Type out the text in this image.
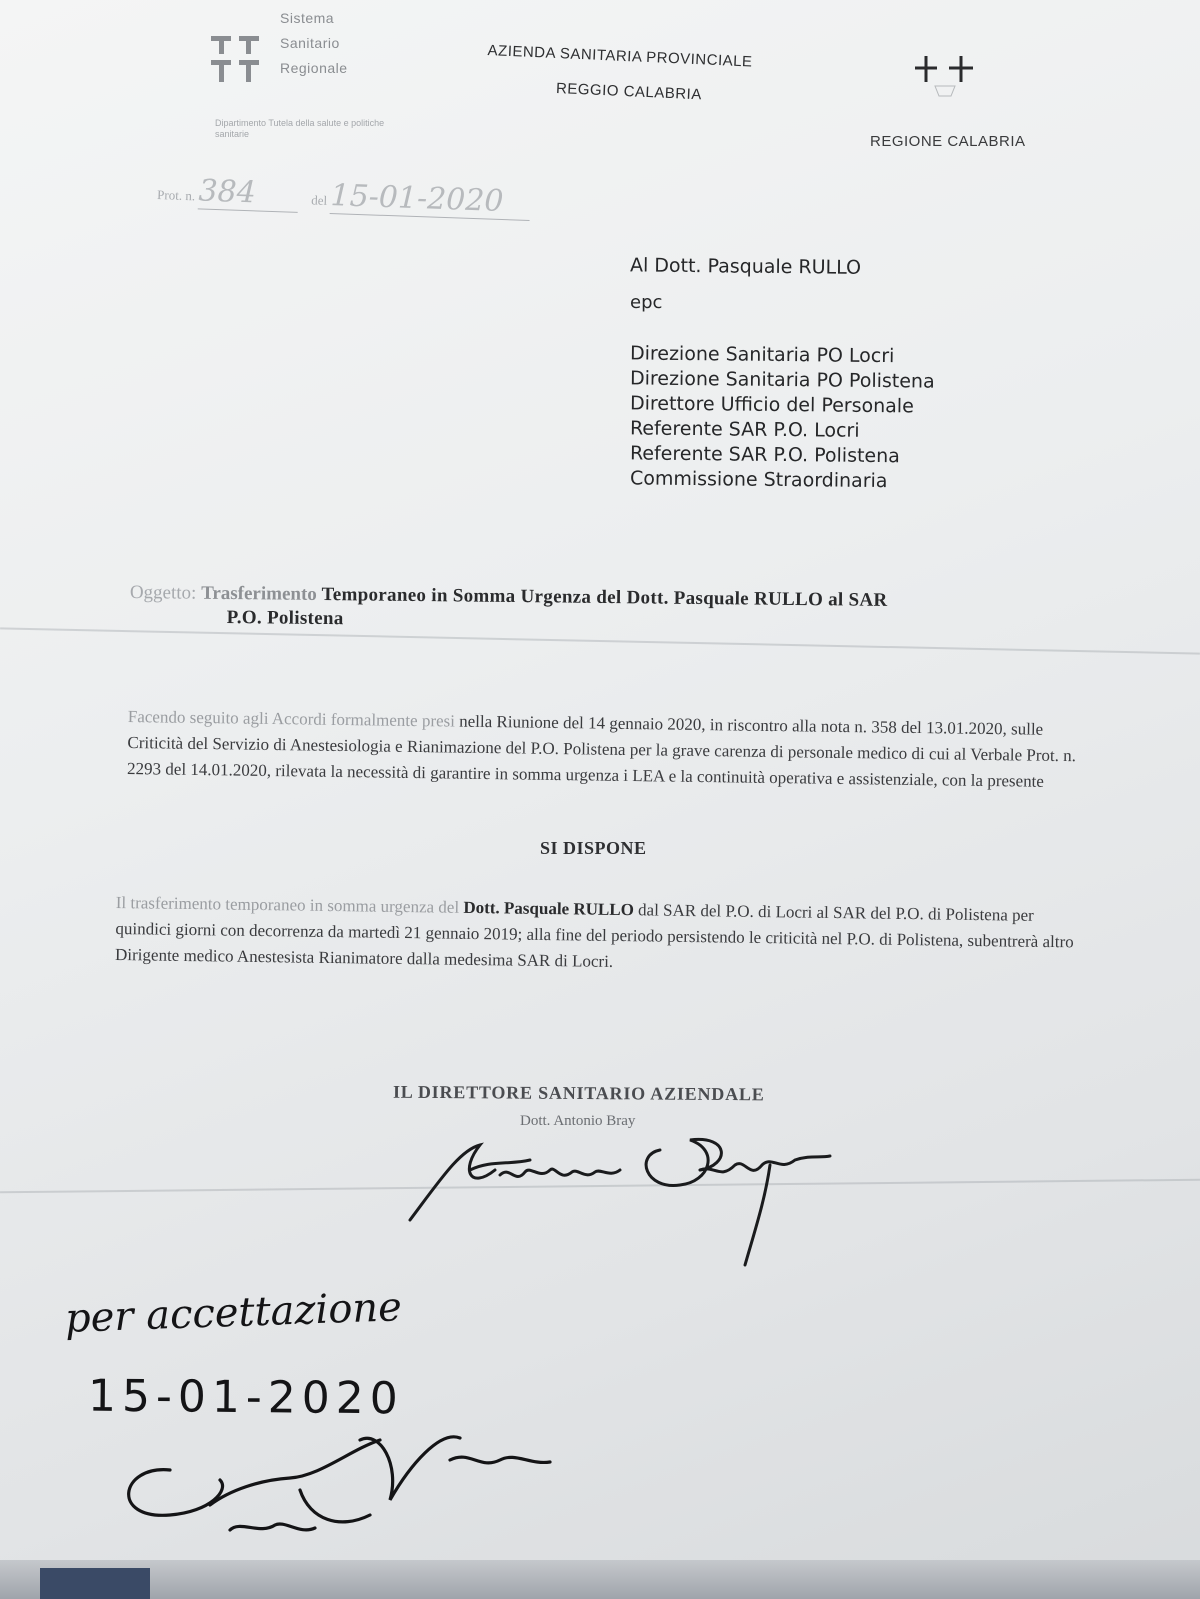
Sistema
Sanitario
Regionale
Dipartimento Tutela della salute e politiche sanitarie
AZIENDA SANITARIA PROVINCIALE
REGGIO CALABRIA
REGIONE CALABRIA
Prot. n. 384	del 15-01-2020
Al Dott. Pasquale RULLO
epc
Direzione Sanitaria PO Locri
Direzione Sanitaria PO Polistena
Direttore Ufficio del Personale
Referente SAR P.O. Locri
Referente SAR P.O. Polistena
Commissione Straordinaria
Oggetto: Trasferimento Temporaneo in Somma Urgenza del Dott. Pasquale RULLO al SAR
P.O. Polistena
Facendo seguito agli Accordi formalmente presi nella Riunione del 14 gennaio 2020, in riscontro alla nota n. 358 del 13.01.2020, sulle Criticità del Servizio di Anestesiologia e Rianimazione del P.O. Polistena per la grave carenza di personale medico di cui al Verbale Prot. n. 2293 del 14.01.2020, rilevata la necessità di garantire in somma urgenza i LEA e la continuità operativa e assistenziale, con la presente
SI DISPONE
Il trasferimento temporaneo in somma urgenza del Dott. Pasquale RULLO dal SAR del P.O. di Locri al SAR del P.O. di Polistena per quindici giorni con decorrenza da martedì 21 gennaio 2019; alla fine del periodo persistendo le criticità nel P.O. di Polistena, subentrerà altro Dirigente medico Anestesista Rianimatore dalla medesima SAR di Locri.
IL DIRETTORE SANITARIO AZIENDALE
Dott. Antonio Bray
per accettazione
15-01-2020
